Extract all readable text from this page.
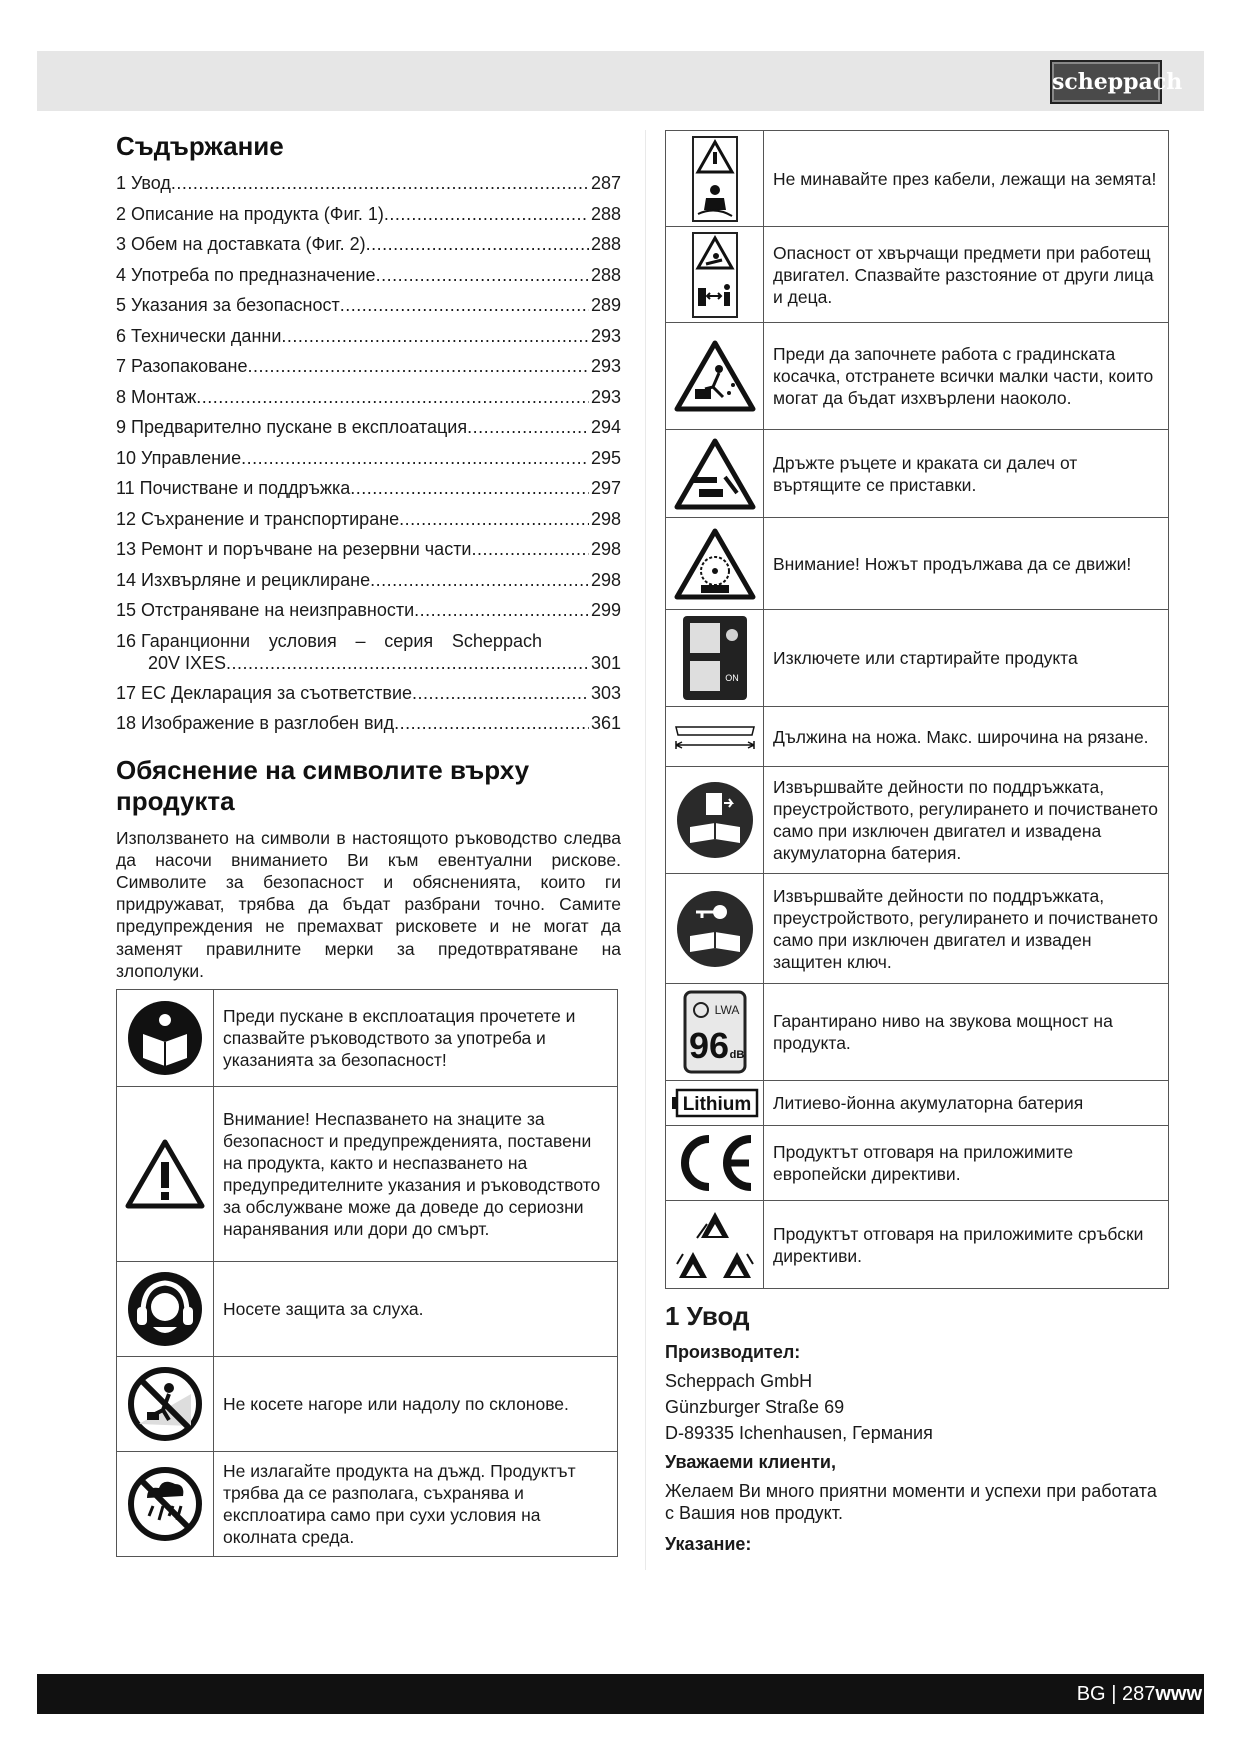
scheppach
Съдържание
1 Увод .....	287
2 Описание на продукта (Фиг. 1) .....	288
3 Обем на доставката (Фиг. 2) .....	288
4 Употреба по предназначение .....	288
5 Указания за безопасност .....	289
6 Технически данни .....	293
7 Разопаковане .....	293
8 Монтаж .....	293
9 Предварително пускане в експлоатация .....	294
10 Управление .....	295
11 Почистване и поддръжка .....	297
12 Съхранение и транспортиране .....	298
13 Ремонт и поръчване на резервни части .....	298
14 Изхвърляне и рециклиране .....	298
15 Отстраняване на неизправности .....	299
16 Гаранционни условия – серия Scheppach
20V IXES .....	301
17 ЕС Декларация за съответствие .....	303
18 Изображение в разглобен вид .....	361
Обяснение на символите върху продукта

Използването на символи в настоящото ръководство следва да насочи вниманието Ви към евентуални рискове. Символите за безопасност и обясненията, които ги придружават, трябва да бъдат разбрани точно. Самите предупреждения не премахват рисковете и не могат да заменят правилните мерки за предотвратяване на злополуки.

	Преди пускане в експлоатация прочетете и спазвайте ръководството за употреба и указанията за безопасност!

	Внимание! Неспазването на знаците за безопасност и предупрежденията, поставени на продукта, както и неспазването на предупредителните указания и ръководството за обслужване може да доведе до сериозни наранявания или дори до смърт.

	Носете защита за слуха.

	Не косете нагоре или надолу по склонове.

	Не излагайте продукта на дъжд. Продуктът трябва да се разполага, съхранява и експлоатира само при сухи условия на околната среда.
	Не минавайте през кабели, лежащи на земята!

	Опасност от хвърчащи предмети при работещ двигател. Спазвайте разстояние от други лица и деца.

	Преди да започнете работа с градинската косачка, отстранете всички малки части, които могат да бъдат изхвърлени наоколо.

	Дръжте ръцете и краката си далеч от въртящите се приставки.

	Внимание! Ножът продължава да се движи!

ON	Изключете или стартирайте продукта

	Дължина на ножа. Макс. широчина на рязане.

	Извършвайте дейности по поддръжката, преустройството, регулирането и почистването само при изключен двигател и извадена акумулаторна батерия.

	Извършвайте дейности по поддръжката, преустройството, регулирането и почистването само при изключен двигател и изваден защитен ключ.

LWA
96 dB	Гарантирано ниво на звукова мощност на продукта.

Lithium	Литиево-йонна акумулаторна батерия

	Продуктът отговаря на приложимите европейски директиви.

	Продуктът отговаря на приложимите сръбски директиви.
1 Увод
Производител:
Scheppach GmbH
Günzburger Straße 69
D-89335 Ichenhausen, Германия
Уважаеми клиенти,
Желаем Ви много приятни моменти и успехи при работата с Вашия нов продукт.
Указание:
BG | 287www
